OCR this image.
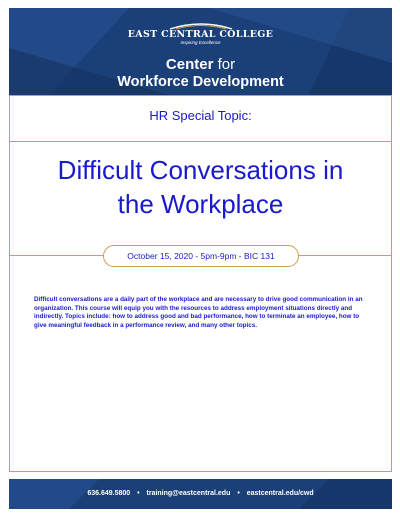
EAST CENTRAL COLLEGE
Inspiring Excellence
Center for
Workforce Development
HR Special Topic:
Difficult Conversations in
the Workplace
October 15, 2020 - 5pm-9pm - BIC 131
Difficult conversations are a daily part of the workplace and are necessary to drive good communication in an organization. This course will equip you with the resources to address employment situations directly and indirectly. Topics include: how to address good and bad performance, how to terminate an employee, how to give meaningful feedback in a performance review, and many other topics.
636.649.5800 • training@eastcentral.edu • eastcentral.edu/cwd
